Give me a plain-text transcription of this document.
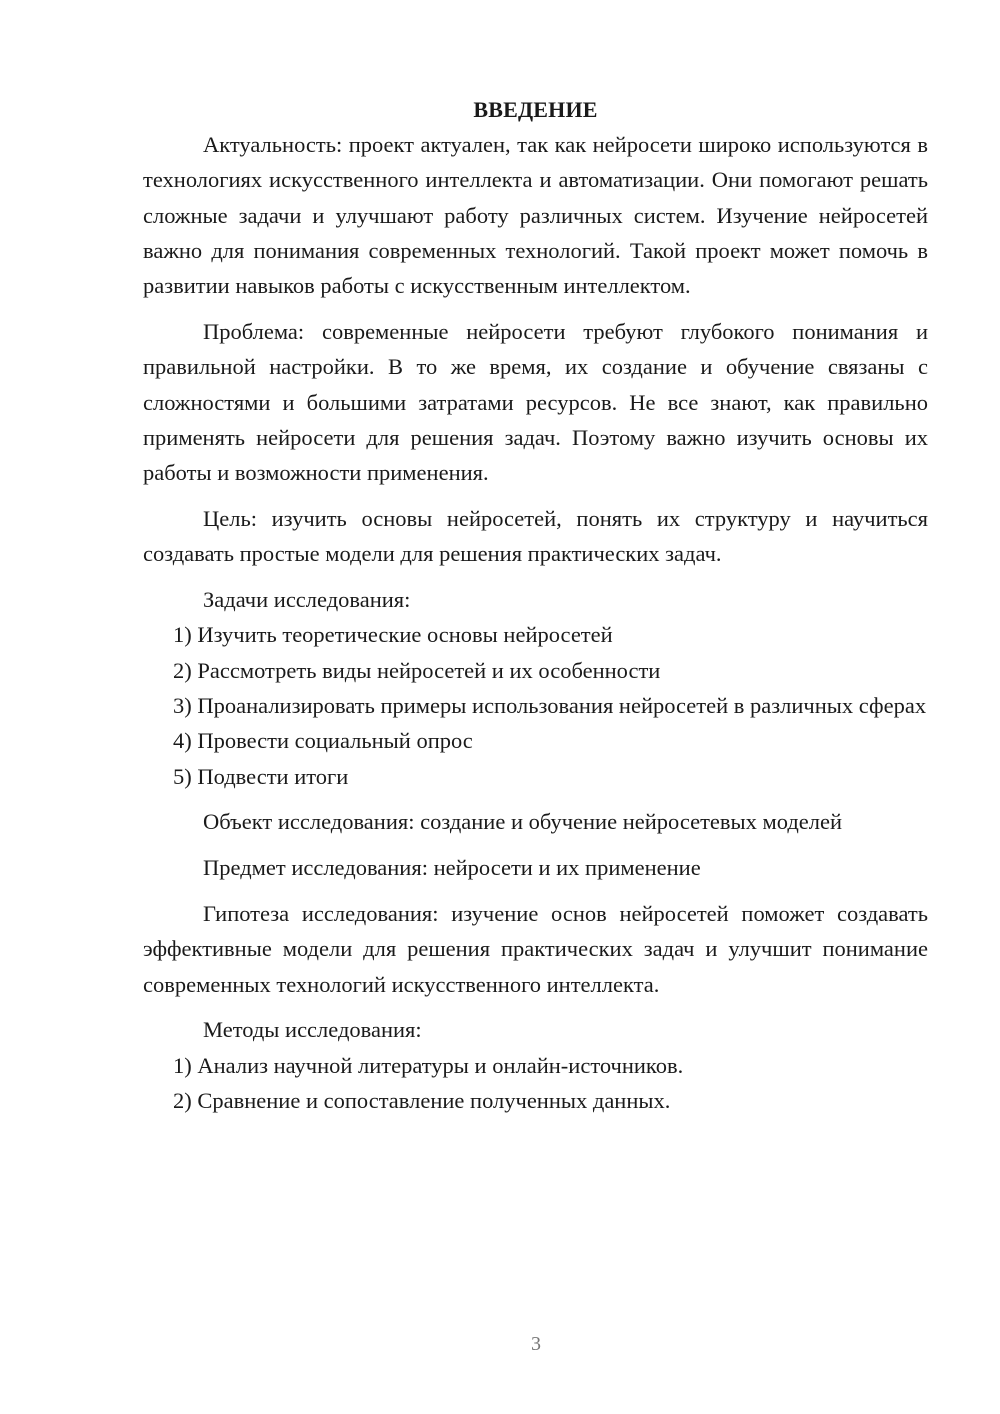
ВВЕДЕНИЕ

Актуальность: проект актуален, так как нейросети широко используются в технологиях искусственного интеллекта и автоматизации. Они помогают решать сложные задачи и улучшают работу различных систем. Изучение нейросетей важно для понимания современных технологий. Такой проект может помочь в развитии навыков работы с искусственным интеллектом.

Проблема: современные нейросети требуют глубокого понимания и правильной настройки. В то же время, их создание и обучение связаны с сложностями и большими затратами ресурсов. Не все знают, как правильно применять нейросети для решения задач. Поэтому важно изучить основы их работы и возможности применения.

Цель: изучить основы нейросетей, понять их структуру и научиться создавать простые модели для решения практических задач.

Задачи исследования:

1) Изучить теоретические основы нейросетей

2) Рассмотреть виды нейросетей и их особенности

3) Проанализировать примеры использования нейросетей в различных сферах

4) Провести социальный опрос

5) Подвести итоги

Объект исследования: создание и обучение нейросетевых моделей

Предмет исследования: нейросети и их применение

Гипотеза исследования: изучение основ нейросетей поможет создавать эффективные модели для решения практических задач и улучшит понимание современных технологий искусственного интеллекта.

Методы исследования:

1) Анализ научной литературы и онлайн-источников.

2) Сравнение и сопоставление полученных данных.

3
